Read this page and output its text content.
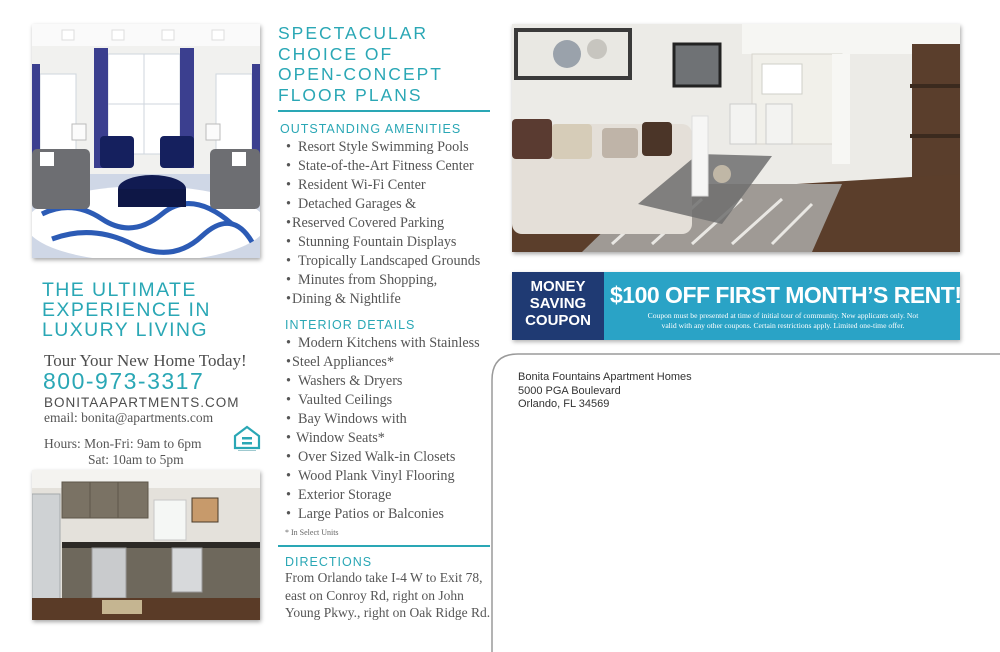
THE ULTIMATE
EXPERIENCE IN
LUXURY LIVING
Tour Your New Home Today!
800-973-3317
BONITAAPARTMENTS.COM
email: bonita@apartments.com
Hours: Mon-Fri: 9am to 6pm
Sat: 10am to 5pm
SPECTACULAR
CHOICE OF
OPEN-CONCEPT
FLOOR PLANS
OUTSTANDING AMENITIES
• Resort Style Swimming Pools
• State-of-the-Art Fitness Center
• Resident Wi-Fi Center
• Detached Garages &
• Reserved Covered Parking
• Stunning Fountain Displays
• Tropically Landscaped Grounds
• Minutes from Shopping,
• Dining & Nightlife
INTERIOR DETAILS
• Modern Kitchens with Stainless
• Steel Appliances*
• Washers & Dryers
• Vaulted Ceilings
• Bay Windows with
• Window Seats*
• Over Sized Walk-in Closets
• Wood Plank Vinyl Flooring
• Exterior Storage
• Large Patios or Balconies
* In Select Units
DIRECTIONS
From Orlando take I-4 W to Exit 78,
east on Conroy Rd, right on John
Young Pkwy., right on Oak Ridge Rd.
MONEY
SAVING
COUPON
$100 OFF FIRST MONTH’S RENT!
Coupon must be presented at time of initial tour of community. New applicants only. Not
valid with any other coupons. Certain restrictions apply. Limited one-time offer.
Bonita Fountains Apartment Homes
5000 PGA Boulevard
Orlando, FL 34569
